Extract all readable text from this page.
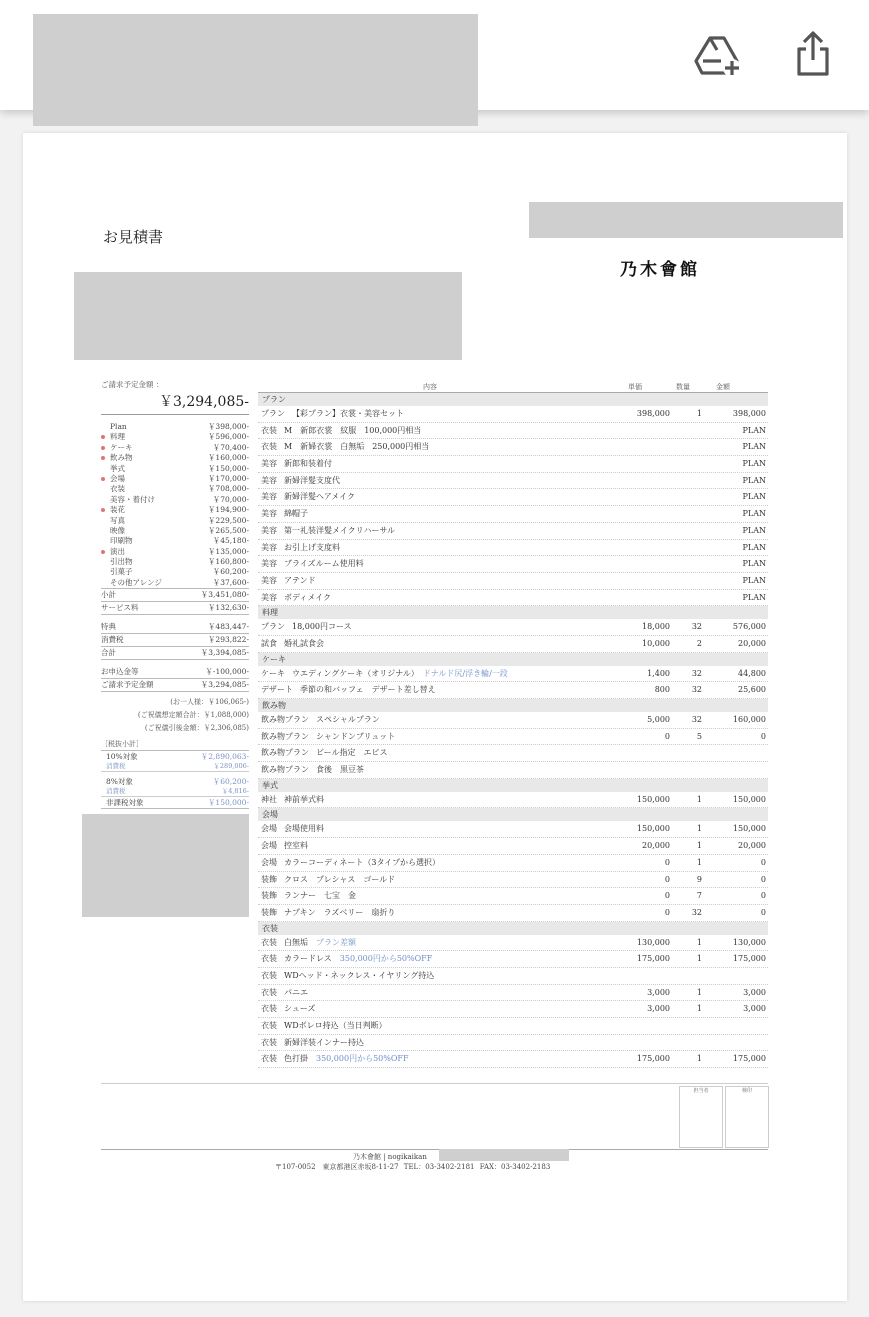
お見積書
乃木會館
ご請求予定金額 ：
￥3,294,085-
Plan	￥398,000-
料理	￥596,000-
ケーキ	￥70,400-
飲み物	￥160,000-
挙式	￥150,000-
会場	￥170,000-
衣装	￥708,000-
美容・着付け	￥70,000-
装花	￥194,900-
写真	￥229,500-
映像	￥265,500-
印刷物	￥45,180-
演出	￥135,000-
引出物	￥160,800-
引菓子	￥60,200-
その他アレンジ	￥37,600-
小計	￥3,451,080-
サービス料	￥132,630-
特典	￥483,447-
消費税	￥293,822-
合計	￥3,394,085-
お申込金等	￥-100,000-
ご請求予定金額	￥3,294,085-
(お一人様：￥106,065-)
(ご祝儀想定額合計：￥1,088,000)
(ご祝儀引後金額：￥2,306,085)
［税抜小計］
10%対象	￥2,890,063-
消費税	￥289,006-
8%対象	￥60,200-
消費税	￥4,816-
非課税対象	￥150,000-
内容	単価	数量	金額
プラン
プラン 【彩プラン】衣裳・美容セット	398,000	1	398,000
衣装 M　新郎衣裳　紋服　100,000円相当	PLAN
衣装 M　新婦衣裳　白無垢　250,000円相当	PLAN
美容 新郎和装着付	PLAN
美容 新婦洋髪支度代	PLAN
美容 新婦洋髪ヘアメイク	PLAN
美容 綿帽子	PLAN
美容 第一礼装洋髪メイクリハーサル	PLAN
美容 お引上げ支度料	PLAN
美容 ブライズルーム使用料	PLAN
美容 アテンド	PLAN
美容 ボディメイク	PLAN
料理
プラン 18,000円コース	18,000	32	576,000
試食 婚礼試食会	10,000	2	20,000
ケーキ
ケーキ ウエディングケーキ（オリジナル）　ドナルド尻/浮き輪/一段	1,400	32	44,800
デザート 季節の和バッフェ　デザート差し替え	800	32	25,600
飲み物
飲み物プラン スペシャルプラン	5,000	32	160,000
飲み物プラン シャンドンブリュット	0	5	0
飲み物プラン ビール指定　エビス
飲み物プラン 食後　黒豆茶
挙式
神社 神前挙式料	150,000	1	150,000
会場
会場 会場使用料	150,000	1	150,000
会場 控室料	20,000	1	20,000
会場 カラーコーディネート（3タイプから選択）	0	1	0
装飾 クロス　プレシャス　ゴールド	0	9	0
装飾 ランナー　七宝　金	0	7	0
装飾 ナプキン　ラズベリー　扇折り	0	32	0
衣装
衣装 白無垢　プラン差額	130,000	1	130,000
衣装 カラードレス　350,000円から50%OFF	175,000	1	175,000
衣装 WDヘッド・ネックレス・イヤリング持込
衣装 パニエ	3,000	1	3,000
衣装 シューズ	3,000	1	3,000
衣装 WDボレロ持込（当日判断）
衣装 新婦洋装インナー持込
衣装 色打掛　350,000円から50%OFF	175,000	1	175,000
担当者	検印
乃木會館 | nogikaikan
〒107-0052　東京都港区赤坂8-11-27 TEL：03-3402-2181 FAX：03-3402-2183
